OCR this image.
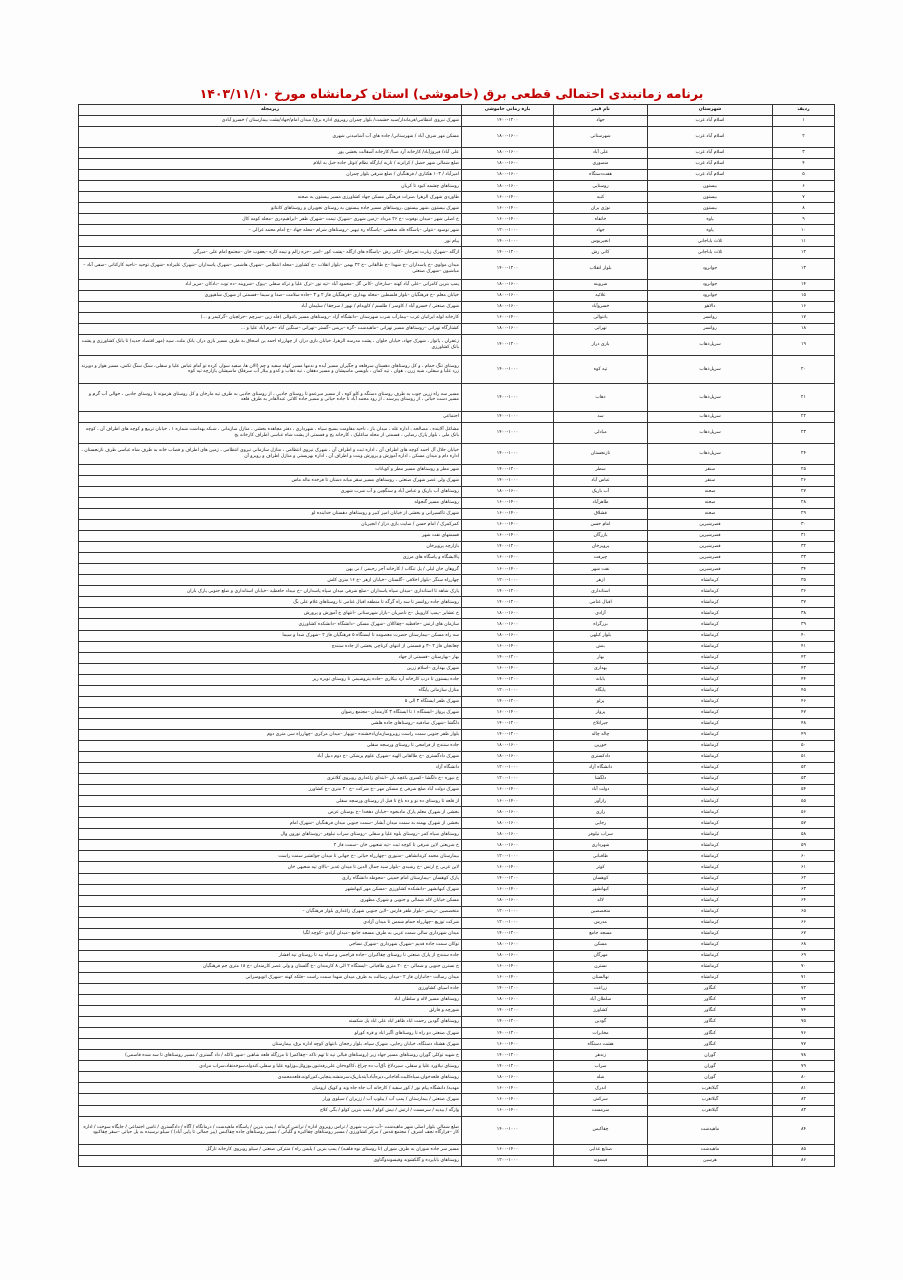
برنامه زمانبندی احتمالی قطعی برق (خاموشی) استان کرمانشاه مورخ ۱۴۰۳/۱۱/۱۰
ردیف	شهرستان	نام فیدر	بازه زمانی خاموشی	زیرمجله
۱	اسلام آباد غرب	جهاد	۱۴۰۰-۱۲۰۰	شهرک نیروی انتظامی/فرماندار/سید حشمت/ بلوار چمران روبروی اداره برق/ میدان امام/جهاد/پشت بیمارستان / خسرو آبادی
۲	اسلام آباد غرب	شهرستانی	۱۸۰۰-۱۶۰۰	مسکن مهر شرف آباد / شهرستانی/ جاده های آب آشامیدنی شهری
۳	اسلام آباد غرب	علی آباد	۱۸۰۰-۱۶۰۰	علی آباد/ فیروزآباد/ کارخانه آرد صبا/ کارخانه آسفالت بخشی پور
۴	اسلام آباد غرب	منصوری	۱۸۰۰-۱۶۰۰	ضلع شمالی شهر حصل / کرانزند / تاریه /بارگله نظام /توتل جاده حبل به ایلام
۵	اسلام آباد غرب	هفت‌دستگاه	۱۸۰۰-۱۶۰۰	امیرآباد / ۱۰۳ هکتاری / فرهنگیان / ضلع شرقی بلوار چمران
۶	بیستون	روستایی	۱۸۰۰-۱۶۰۰	روستاهای چشمه کبود تا کریان
۷	بیستون	کنبه	۱۶۰۰-۱۴۰۰	طاوردی شهرک الزهرا ،سرات فرهنگی مسکن جهاد کشاورزی مسیر بیستون به صحنه
۸	بیستون	نوژی بران	۱۶۰۰-۱۴۰۰	شهرک بیستون ،شهر بیستون ،روستاهای مسیر جاده بیستون به روستای نجوبران و روستاهای کانتاتو
۹	پاوه	خانقاه	۱۶۰۰-۱۴۰۰	خ اصلی شهر –میدان نوفوت –خ ۲۶ مرداد –زمین شهری –شهرک تیمت –شهرک ظفر –ابراهیم‌دری –محله کومه کال
۱۰	پاوه	جهاد	۱۲۰۰-۱۰۰۰	شهر نوسود –نتولی –پاسگاه فله شعشی –پاسگاه ره تپهبر –روستاهای شرام –محله جهاد –خ امام محمد غزالی –
۱۱	ثلاث باباجانی	انجیربوس	۱۴۰۰-۱۰۰۰	پیام نور
۱۲	ثلاث باباجانی	کانی رش	۱۴۰۰-۱۲۰۰	ازگله –شهرک زیارت تمرخان –کانی رش –پاسگاه های ازگله –پشت کور –امیر –خره زالم و تیمه کاره –یعقوب خان –مجتمع امام علی –میرگی
۱۳	جوانرود	بلوار انقلاب	۱۴۰۰-۱۲۰۰	میدان مولوی –خ پاسداران –خ شهدا –خ طالقانی –خ ۲۲ بهمن –بلوار انقلاب –خ کشاورز –محله انتظامی –شهرک هاشمی –شهرک پاسداران –شهرک علیزاده –شهرک توحید –ناحیه کارکنانی –صفی آباد –مباشیون –شهرک صنعتی
۱۴	جوانرود	شروینه	۱۸۰۰-۱۶۰۰	پمپ بنزین کامرانی –علی آباد کهنه –سارخان –کانی گل –محمود آباد –تپه نور –ترک علیا و ترکه سفلی –پیوک –شروینه –ده توت –بادکان –مزیر اباد
۱۵	جوانرود	علائیه	۱۸۰۰-۱۶۰۰	خیابان معلم –خ فرهنگیان –بلوار فلسطین –محله بهداری –فرهنگیان فاز ۲ و ۳ –جاده سلامت –صدا و سیما –قسمتی از شهرک شاهپوری
۱۶	دالاهو	خسروآباد	۱۸۰۰-۱۶۰۰	شهرک صنعتی / خسرو آباد / کاوسر / طلسم / کاوپدام / نهور / سرجقا / سلیمان آباد
۱۷	روانسر	باتنوالی	۱۶۰۰-۱۴۰۰	کارخانه لوله ایرانیان غرب –بیمارآب شرب شهرستان –دانشگاه آزاد –روستاهای مسیر باتنوالی (قله زین –سرچم –خرلجیان –گرکیمر و ...)
۱۸	روانسر	تهرانی	۱۸۰۰-۱۶۰۰	کشتارگاه تهرانی –روستاهای مسیر تهرانی –ماهیدشت –گره –بریس –گستر –تهرانی –سنگین آباد –خرم آباد علیا و ...
۱۹	سرپل‌ذهاب	بازی دراز	۱۴۰۰-۱۲۰۰	زعفران ، پاتوار ، شهرک جهاد، خیابان حلوان ، پشت مدرسه الزهرا، خیابان بازی دراز، از چهارراه احمد بن اسحاق به طرف مسیر بازی دراز، بانک ملت، سپه (مهر اقتصاد جدید) تا بانک کشاورزی و پشت بانک کشاورزی
۲۰	سرپل‌ذهاب	تپه کوه	۱۴۰۰-۱۰۰۰	روستای تنگ حمام ، و کل روستاهای دهستان سرقلعه و جگیران مسیر آبده و ندمها مسیر کهله سفید و چم (الان ها، سفید سوار، کرده تو آمام عباس علیا و سفلی، سنگ سنگ تکش، مسیر هوار و دوپرند زرد علیا و سفلی، شیه زرن ، هوان ، تپه کمان ، باویسی ماسپشان و مسیر دهقان ، تپه ذهاب و کدو و بیلار آب سرفلک ماسپشان بازارچه تپه کوه
۲۱	سرپل‌ذهاب	ذهاب	۱۴۰۰-۱۰۰۰	مسیر سه راه زرین جوب به طرف روستای دستگه و کلو کوه ، از مسیر میرعمو تا روستای جادیی ، از روستای جادیی به طرف تپه مارخان و کل روستای هرمونه تا روستای جادیی ، حوالی آب گرم و مسیر دست حیاتی ، از روستای پیرسند ، از رود محمد آباد تا جاده حیاتی و مسیر جاده کلاتی عبدالقادر به طرف قلعه
۲۲	سرپل‌ذهاب	سد	۱۴۰۰-۱۰۰۰	اجتماعی
۲۳	سرپل‌ذهاب	مبادلی	۱۴۰۰-۱۰۰۰	مشاغل آلاینده ، مصالحه ، اداره غله ، میدان باز ، ناحیه مقاومت بسیج سپاه ، شهرداری ، دفتر مجاهده بخشی ، منازل سازمانی ، شبکه بهداشت شماره ۱ ، خیابان تربیع و کوچه های اطراف آن ، کوچه بانک ملی ، بلوار پارک رضایی ، قسمتی از محله ساغلیک ، کارخانه یخ و قسمتی از پشت شاه عباسی اطراف کارخانه یخ
۲۴	سرپل‌ذهاب	نازنجستان	۱۴۰۰-۱۰۰۰	خیابان جلال آل احمد کوچه های اطراف آن ، اداره ثبت و اطراف آن ، شهرک نیروی انتظامی ، منازل سازمانی نیروی انتظامی ، زمین های اطراف و قصاب خانه به طرف شاه عباسی طرف نازنجستان ، اداره دام و میدان مسکن ، اداره آموزش و پرورش وینت و اطراف آن ، اداره بهزیستی و منازل اطراف و روبرو آن
۲۵	سنقر	سطر	۱۴۰۰-۱۲۰۰	شهر مطر و روستاهای مسیر مطر و کوبانات
۲۶	سنقر	عباس آباد	۱۴۰۰-۱۰۰۰	شهرک ولی عصر شهرک صنعتی ، روستاهای مسیر سقر میانه دشتان تا فرخده ماله ماس
۲۷	صحنه	آب باریک	۱۸۰۰-۱۶۰۰	روستاهای آب باریک و عباس آباد و سنگچین و آب شرب شهری
۲۸	صحنه	طاهرآباد	۱۶۰۰-۱۴۰۰	روستاهای مسیر گنجوله
۲۹	صحنه	قشلاق	۱۶۰۰-۱۴۰۰	شهرک تاکسیرانی و بخشی از خیابان امیر کبیر و روستاهای دهستان خدابنده لو
۳۰	قصرشیرین	امام حسن	۱۶۰۰-۱۴۰۰	کمرکمرک / امام حسن / سایت بازی دراز / انجیربان
۳۱	قصرشیرین	بازرگان	۱۶۰۰-۱۴۰۰	قسمتهای نفت شهر
۳۲	قصرشیرین	پرویزخان	۱۴۰۰-۱۲۰۰	بازارچه پرویزخان
۳۳	قصرشیرین	چیرفت	۱۶۰۰-۱۴۰۰	پالایشگاه و پاسگاه های مرزی
۳۴	قصرشیرین	نفت شهر	۱۶۰۰-۱۴۰۰	گروهان خان لیلی / پل تنگاب / کارخانه آجر رحیمی / نی پهن
۳۵	کرمانشاه	ازهر	۱۲۰۰-۱۰۰۰	چهارراه سنگر –بلوار اخلاقی –گلستان –خیابان ازهر –خ ۱۶ متری کلش
۳۶	کرمانشاه	استانداری	۱۴۰۰-۱۲۰۰	پارک شاهد تا استانداری –میدان سپاه پاسداران –ضلع شرقی میدان سپاه پاسداران –خ نبیداد حافظیه –خیابان استانداری و ضلع جنوبی پارک باران
۳۷	کرمانشاه	اقبال غنامی	۱۴۰۰-۱۲۰۰	روستاهای جاده روانسر تا سه راه گرگه تا منطقه اقبال غنامی تا روستاهای غلام علی بگ
۳۸	کرمانشاه	آزادی	۱۸۰۰-۱۶۰۰	خ عشایر –پمپ کاروپیل –خ ناصریان –بازار شهرستانی –انتهای خ آموزش و پرورش
۳۹	کرمانشاه	بزرگراه	۱۸۰۰-۱۶۰۰	سازمان های ارتش –حافظیه –چقاکلان –شهرک مسکن –دانشگاه –دانشکده کشاورزی
۴۰	کرمانشاه	بلوار کبلهی	۱۸۰۰-۱۶۰۰	سه راه مسکن –بیمارستان حضرت معصومه تا ایستگاه ۵ فرهنگیان فاز ۲ –شهرک صدا و سیما
۴۱	کرمانشاه	بنش	۱۶۰۰-۱۴۰۰	چغانجان فاز ۲ –۳ و قسمتی از انتهای کرناچی یخشی از جاده سنندج
۴۲	کرمانشاه	بهار	۱۴۰۰-۱۲۰۰	بهار –بهارستان –قسمتی از جهاد
۴۳	کرمانشاه	بهداری	۱۶۰۰-۱۴۰۰	شهرک بهداری –اسلام زرین
۴۴	کرمانشاه	بابانه	۱۴۰۰-۱۲۰۰	جاده بیستون تا درب کارخانه آرد بیکاری –جاده پتروشیمی تا روستای نوبره ریز
۴۵	کرمانشاه	پایگاه	۱۲۰۰-۱۰۰۰	منازل سازمانی پایگاه
۴۶	کرمانشاه	پرلو	۱۴۰۰-۱۲۰۰	شهرک ظفر ایستگاه ۳ الی ۵
۴۷	کرمانشاه	پروار	۱۶۰۰-۱۴۰۰	شهرک پرواز –ایستگاه ۱ تا ایستگاه ۳ کارمندان –مجتمع رضوان
۴۸	کرمانشاه	جیرانلاخ	۱۴۰۰-۱۲۰۰	دلگشا –شهرک صادقیه –روستاهای جاده هلشی
۴۹	کرمانشاه	چاله چاله	۱۴۰۰-۱۲۰۰	بلوار ظفر جنوبی سمت راست روبروسازمان‌ادخشنده –نوبهار –میدان مرکزی –چهارراه سی متری دوم
۵۰	کرمانشاه	خورین	۱۸۰۰-۱۶۰۰	جاده سنندج از فرامجی تا روستای ورسجه سفلی
۵۱	کرمانشاه	دادکستری	۱۸۰۰-۱۶۰۰	شهرک دادگستری –خ طالقانی الهیه –شهرک علوم پزشکی –خ دوم دبیل آباد
۵۲	کرمانشاه	دانشگاه آزاد	۱۲۰۰-۱۰۰۰	دانشگاه آزاد
۵۳	کرمانشاه	دلگشا	۱۲۰۰-۱۰۰۰	خ نبوره –خ دلگشا –کسری باغچه بان –ابتدای زاغداری روبروی کلانتری
۵۴	کرمانشاه	دولت آباد	۱۶۰۰-۱۴۰۰	شهرک دولت آباد ضلع شرقی خ مسکن مهر –خ شرکت –خ ۳۰ متری –خ کشاورز
۵۵	کرمانشاه	رازآور	۱۶۰۰-۱۴۰۰	از قلعه تا روستای ده نو و ده باغ تا قبل از روستای ورسجه سفلی
۵۶	کرمانشاه	رازی	۱۸۰۰-۱۶۰۰	بخشی از شهرک معلم پارک مادبخوه –خیابان دهخدا –خ بوستان عرض
۵۷	کرمانشاه	رجایی	۱۸۰۰-۱۶۰۰	بخشی از شهرک بهمنه به سمت میدان آبشار –سمت جنوبی میدان فرهنگیان –شهرک امام
۵۸	کرمانشاه	سراب نیلوفر	۱۸۰۰-۱۶۰۰	روستاهای سیاه کمر –روستای بلوه علیا و سفلی –روستای سراب نیلوفر –روستاهای نورون وال
۵۹	کرمانشاه	شهرداری	۱۸۰۰-۱۶۰۰	خ شریعتی لاین شرقی تا کوچه ثبت –تپه شعبهی خان –سمت فاز ۲
۶۰	کرمانشاه	طاقبانی	۱۲۰۰-۱۰۰۰	بیمارستان محمد کرمانشاهی –منبوری –چهارراه حیاتی –خ جهانی تا میدان جوانشیر سمت راست
۶۱	کرمانشاه	کوثر	۱۶۰۰-۱۴۰۰	لاین غربی خ ارتش –خ رشیدی –بلوار سید جمال الدین تا میدان غدیر –بالای تپه شعبهی خان
۶۲	کرمانشاه	کوهسان	۱۴۰۰-۱۲۰۰	پارک کوهسان –بیمارستان امام خمینی –محوطه دانشگاه رازی
۶۳	کرمانشاه	کیهانشهر	۱۶۰۰-۱۴۰۰	شهرک کیهانشهر –دانشکده کشاورزی –مسکن مهر کیهانشهر
۶۴	کرمانشاه	لاله	۱۸۰۰-۱۶۰۰	مسکن خیابان لاله شمالی و جنوبی و شهرک مطهری
۶۵	کرمانشاه	متخصصین	۱۲۰۰-۱۰۰۰	متخصصین –زینتبر –بلوار ظفر فارس –لاین جنوبی شهرک زاغداری بلوار فرهنگیان –
۶۶	کرمانشاه	مدرس	۱۲۰۰-۱۰۰۰	شرکت توزیع –چهارراه حمام شمس تا میدان آزادی
۶۷	کرمانشاه	مسجد جامع	۱۴۰۰-۱۲۰۰	میدان شهرداری سالی سمت غربی به طرف مسجد جامع –میدان آزادی –کوچه لگیا
۶۸	کرمانشاه	مسکن	۱۸۰۰-۱۶۰۰	نوکان سمت جاده قدیم –شهرک شهرداری –شهرک نساجی
۶۹	کرمانشاه	مهرگان	۱۸۰۰-۱۶۰۰	جاده سنندج از پارک صنعتی تا روستای چقاکبران –جاده قراجمی و سیاه بید تا روستای تپه افشار
۷۰	کرمانشاه	نسترن	۱۶۰۰-۱۴۰۰	خ نسترن جنوبی و شمالی –خ ۲۰ متری طاقبانی –ایستگاه ۲ الی ۸ کارمندان –خ گلستان و ولی عصر کارمندان –خ ۱۸ متری جم فرهنگیان
۷۱	کرمانشاه	نهالستان	۱۶۰۰-۱۴۰۰	میدان رسالت –جانبازان فاز ۲ –میدان رسالت به طرف میدان شهدا سمت راست –فلکه کهنه –شهرک اتوبوسرانی
۷۲	کنگاور	زراعت	۱۴۰۰-۱۲۰۰	جاده اسیای کشاورزی
۷۳	کنگاور	سلطان آباد	۱۸۰۰-۱۶۰۰	روستاهای مسیر لاله و سلطان اباد
۷۴	کنگاور	کشاورز	۱۴۰۰-۱۲۰۰	شورچه و قارلق
۷۵	کنگاور	گودین	۱۴۰۰-۱۲۰۰	روستاهای گودین رحمت اباد ظاهر اباد علی اباد پل شکسته
۷۶	کنگاور	مخابرات	۱۴۰۰-۱۲۰۰	شهرک صنعتی دو راه تا روستاهای اگیر اباد و قره کورلو
۷۷	کنگاور	هشت دستگاه	۱۶۰۰-۱۴۰۰	شهرک هشتاد دستگاه، خیابان رجایی، شهرک سپاه، بلوار رجحان ،انتهای کوچه اداره برق، بیمارستان
۷۸	گوران	زندهر	۱۴۰۰-۱۲۰۰	خ شهید توکلی گوران روستاهای مسیر جهاد زیر (روستاهای قبالی تپه تا تهم تاکه –چقاکمر) تا مرزگله قلعه شاهین –شهر تاکله / داد گستری / مسیر روستاهای تا سه شده قاسمی)
۷۹	گوران	سراب	۱۴۰۰-۱۲۰۰	روستای نیلاورد علیا و سفلی، سیزدلاغ ،آق‌آب ده چراغ ،کاکوه‌خان علی‌رفه‌تنور،بوزوئل،بوزلوه علیا و سفلی،کندوله،سوخه‌نقاد،سراب مرادی
۸۰	گوران	شله	۱۸۰۰-۱۶۰۰	روستاهای قلعه‌خوان،سیاه‌کلیت،آقاجانی،دیزه‌آباد،آبته‌باریک،سرمنشه،بنجایی،کم‌رکونه،قلعه‌محمدی
۸۱	گیلانغرب	اندرک	۱۶۰۰-۱۴۰۰	مهدیه/ دانشگاه پیام نور / کور سفید / کارخانه آب جاه جاه وند و کوپک ارومیان
۸۲	گیلانغرب	سرکش	۱۶۰۰-۱۴۰۰	شهرک صنعتی / بیمارستان / پمپ آب / پیلوپ آب / ززیران / سیلوی ورار
۸۳	گیلانغرب	سرمست	۱۶۰۰-۱۴۰۰	وارگه / بیدیه / سرمست / ارتش / نیش کولو / پمپ بنزین کولو / بگی کلاج
۸۴	ماهیدشت	چقاکبس	۱۴۰۰-۱۰۰۰	ضلع شمالی بلوار اصلی شهر ماهیدشت –آب شرب شهری / تراس روبروی اداره / ترانس کرمانه / پمپ بنزین / پاسگاه ماهیدشت / درمانگاه / آگاه / دادگستری / تامین اجتماعی / جایگاه سوخت / اداره کار –فرارگاه نجف اشرف / مجتمع قدس / مرکز کشاورزی / مسیر روستاهای چقاکبره و گلیانی / مسیر روستاهای جاده چقاکبس (پیر جمالی تا پاپی آباد) / سیلو نرسیده به پل حیاتی –سقر چقاکبود
۸۵	ماهیدشت	صنایع غذایی	۱۶۰۰-۱۴۰۰	مسیر سر جاده شوران به طرف شوران (تا روستای نوه قلقیه) / پمپ بنزین / پلیس راه / منترکی صنعتی / سیلو روبروی کارخانه تارگل
۸۶	هرسین	قیسوند	۱۲۰۰-۱۰۰۰	روستاهای باباپرده و گلکشوند وقیسوندوگناوی
